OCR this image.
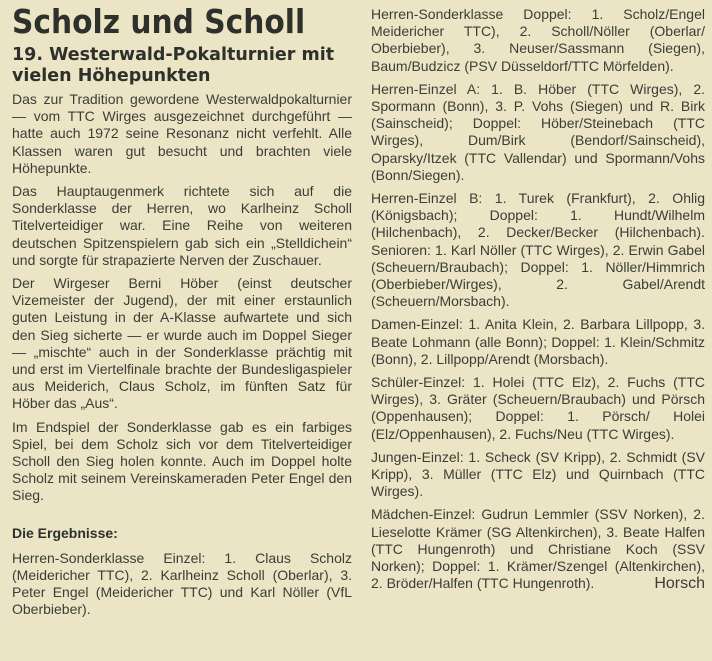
Scholz und Scholl
19. Westerwald-Pokalturnier mit vielen Höhepunkten

Das zur Tradition gewordene Westerwaldpokalturnier — vom TTC Wirges ausgezeichnet durchgeführt — hatte auch 1972 seine Resonanz nicht verfehlt. Alle Klassen waren gut besucht und brachten viele Höhepunkte.

Das Hauptaugenmerk richtete sich auf die Sonderklasse der Herren, wo Karlheinz Scholl Titelverteidiger war. Eine Reihe von weiteren deutschen Spitzenspielern gab sich ein „Stelldichein“ und sorgte für strapazierte Nerven der Zuschauer.

Der Wirgeser Berni Höber (einst deutscher Vizemeister der Jugend), der mit einer erstaunlich guten Leistung in der A-Klasse aufwartete und sich den Sieg sicherte — er wurde auch im Doppel Sieger — „mischte“ auch in der Sonderklasse prächtig mit und erst im Viertelfinale brachte der Bundesligaspieler aus Meiderich, Claus Scholz, im fünften Satz für Höber das „Aus“.

Im Endspiel der Sonderklasse gab es ein farbiges Spiel, bei dem Scholz sich vor dem Titelverteidiger Scholl den Sieg holen konnte. Auch im Doppel holte Scholz mit seinem Vereinskameraden Peter Engel den Sieg.

Die Ergebnisse:

Herren-Sonderklasse Einzel: 1. Claus Scholz (Meidericher TTC), 2. Karlheinz Scholl (Oberlar), 3. Peter Engel (Meidericher TTC) und Karl Nöller (VfL Oberbieber).

Herren-Sonderklasse Doppel: 1. Scholz/Engel Meidericher TTC), 2. Scholl/Nöller (Oberlar/ Oberbieber), 3. Neuser/Sassmann (Siegen), Baum/Budzicz (PSV Düsseldorf/TTC Mörfelden).

Herren-Einzel A: 1. B. Höber (TTC Wirges), 2. Spormann (Bonn), 3. P. Vohs (Siegen) und R. Birk (Sainscheid); Doppel: Höber/Steinebach (TTC Wirges), Dum/Birk (Bendorf/Sainscheid), Oparsky/Itzek (TTC Vallendar) und Spormann/Vohs (Bonn/Siegen).

Herren-Einzel B: 1. Turek (Frankfurt), 2. Ohlig (Königsbach); Doppel: 1. Hundt/Wilhelm (Hilchenbach), 2. Decker/Becker (Hilchenbach). Senioren: 1. Karl Nöller (TTC Wirges), 2. Erwin Gabel (Scheuern/Braubach); Doppel: 1. Nöller/Himmrich (Oberbieber/Wirges), 2. Gabel/Arendt (Scheuern/Morsbach).

Damen-Einzel: 1. Anita Klein, 2. Barbara Lillpopp, 3. Beate Lohmann (alle Bonn); Doppel: 1. Klein/Schmitz (Bonn), 2. Lillpopp/Arendt (Morsbach).

Schüler-Einzel: 1. Holei (TTC Elz), 2. Fuchs (TTC Wirges), 3. Gräter (Scheuern/Braubach) und Pörsch (Oppenhausen); Doppel: 1. Pörsch/ Holei (Elz/Oppenhausen), 2. Fuchs/Neu (TTC Wirges).

Jungen-Einzel: 1. Scheck (SV Kripp), 2. Schmidt (SV Kripp), 3. Müller (TTC Elz) und Quirnbach (TTC Wirges).

Mädchen-Einzel: Gudrun Lemmler (SSV Norken), 2. Lieselotte Krämer (SG Altenkirchen), 3. Beate Halfen (TTC Hungenroth) und Christiane Koch (SSV Norken); Doppel: 1. Krämer/Szengel (Altenkirchen), 2. Bröder/Halfen (TTC Hungenroth).	Horsch
